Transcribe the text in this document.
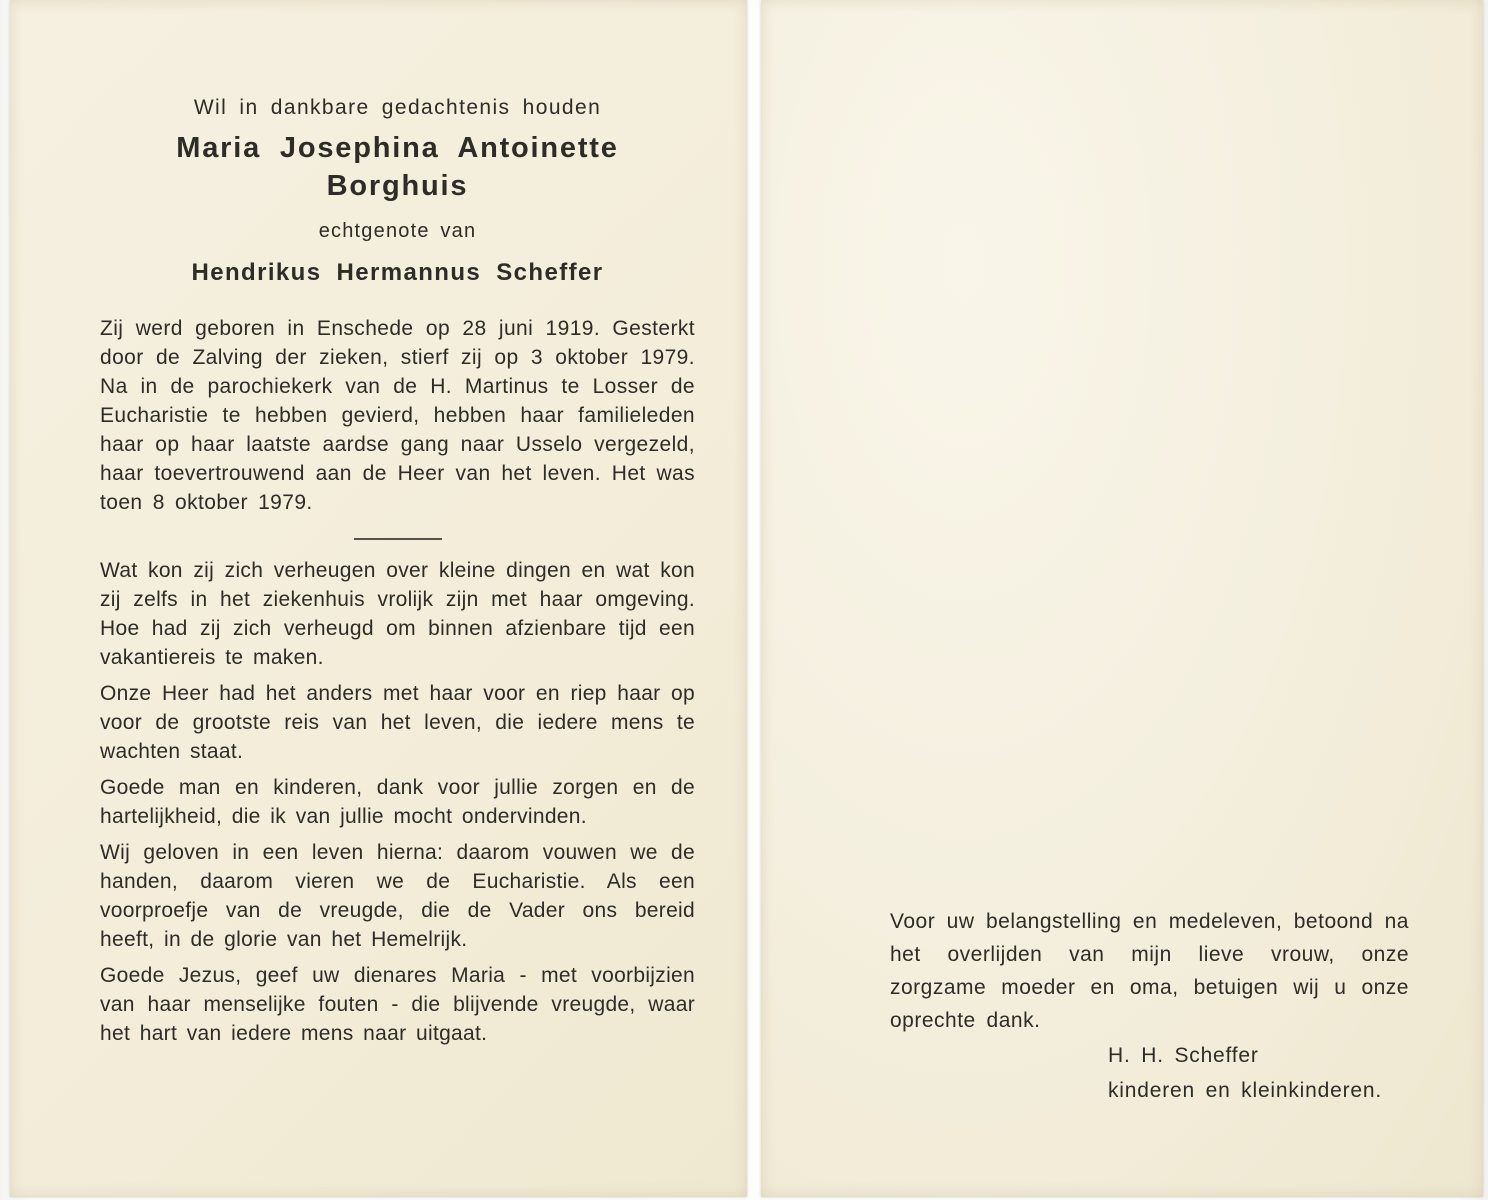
Wil in dankbare gedachtenis houden
Maria Josephina Antoinette
Borghuis
echtgenote van
Hendrikus Hermannus Scheffer

Zij werd geboren in Enschede op 28 juni 1919. Gesterkt door de Zalving der zieken, stierf zij op 3 oktober 1979. Na in de parochiekerk van de H. Martinus te Losser de Eucharistie te hebben gevierd, hebben haar familieleden haar op haar laatste aardse gang naar Usselo vergezeld, haar toevertrouwend aan de Heer van het leven. Het was toen 8 oktober 1979.

Wat kon zij zich verheugen over kleine dingen en wat kon zij zelfs in het ziekenhuis vrolijk zijn met haar omgeving. Hoe had zij zich verheugd om binnen afzienbare tijd een vakantiereis te maken.

Onze Heer had het anders met haar voor en riep haar op voor de grootste reis van het leven, die iedere mens te wachten staat.

Goede man en kinderen, dank voor jullie zorgen en de hartelijkheid, die ik van jullie mocht ondervinden.

Wij geloven in een leven hierna: daarom vouwen we de handen, daarom vieren we de Eucharistie. Als een voorproefje van de vreugde, die de Vader ons bereid heeft, in de glorie van het Hemelrijk.

Goede Jezus, geef uw dienares Maria - met voorbijzien van haar menselijke fouten - die blijvende vreugde, waar het hart van iedere mens naar uitgaat.

Voor uw belangstelling en medeleven, betoond na het overlijden van mijn lieve vrouw, onze zorgzame moeder en oma, betuigen wij u onze oprechte dank.
H. H. Scheffer
kinderen en kleinkinderen.
